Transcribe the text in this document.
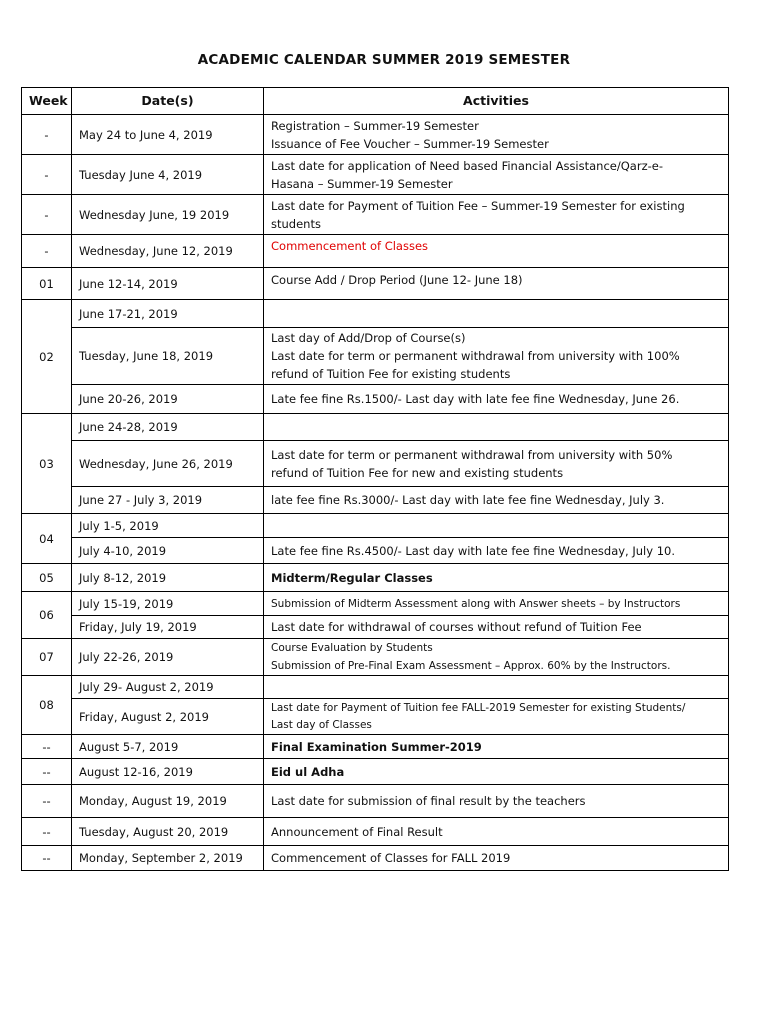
ACADEMIC CALENDAR SUMMER 2019 SEMESTER
Week	Date(s)	Activities
-	May 24 to June 4, 2019	Registration – Summer-19 Semester
Issuance of Fee Voucher – Summer-19 Semester

-	Tuesday June 4, 2019	Last date for application of Need based Financial Assistance/Qarz-e-
Hasana – Summer-19 Semester

-	Wednesday June, 19 2019	Last date for Payment of Tuition Fee – Summer-19 Semester for existing
students

-	Wednesday, June 12, 2019	Commencement of Classes

01	June 12-14, 2019	Course Add / Drop Period (June 12- June 18)

02	June 17-21, 2019	
	Tuesday, June 18, 2019	Last day of Add/Drop of Course(s)
Last date for term or permanent withdrawal from university with 100%
refund of Tuition Fee for existing students

	June 20-26, 2019	Late fee fine Rs.1500/- Last day with late fee fine Wednesday, June 26.

03	June 24-28, 2019	
	Wednesday, June 26, 2019	Last date for term or permanent withdrawal from university with 50%
refund of Tuition Fee for new and existing students

	June 27 - July 3, 2019	late fee fine Rs.3000/- Last day with late fee fine Wednesday, July 3.

04	July 1-5, 2019	
	July 4-10, 2019	Late fee fine Rs.4500/- Last day with late fee fine Wednesday, July 10.

05	July 8-12, 2019	Midterm/Regular Classes

06	July 15-19, 2019	Submission of Midterm Assessment along with Answer sheets – by Instructors

	Friday, July 19, 2019	Last date for withdrawal of courses without refund of Tuition Fee

07	July 22-26, 2019	Course Evaluation by Students
Submission of Pre-Final Exam Assessment – Approx. 60% by the Instructors.

08	July 29- August 2, 2019	
	Friday, August 2, 2019	Last date for Payment of Tuition fee FALL-2019 Semester for existing Students/
Last day of Classes

--	August 5-7, 2019	Final Examination Summer-2019

--	August 12-16, 2019	Eid ul Adha

--	Monday, August 19, 2019	Last date for submission of final result by the teachers

--	Tuesday, August 20, 2019	Announcement of Final Result

--	Monday, September 2, 2019	Commencement of Classes for FALL 2019
